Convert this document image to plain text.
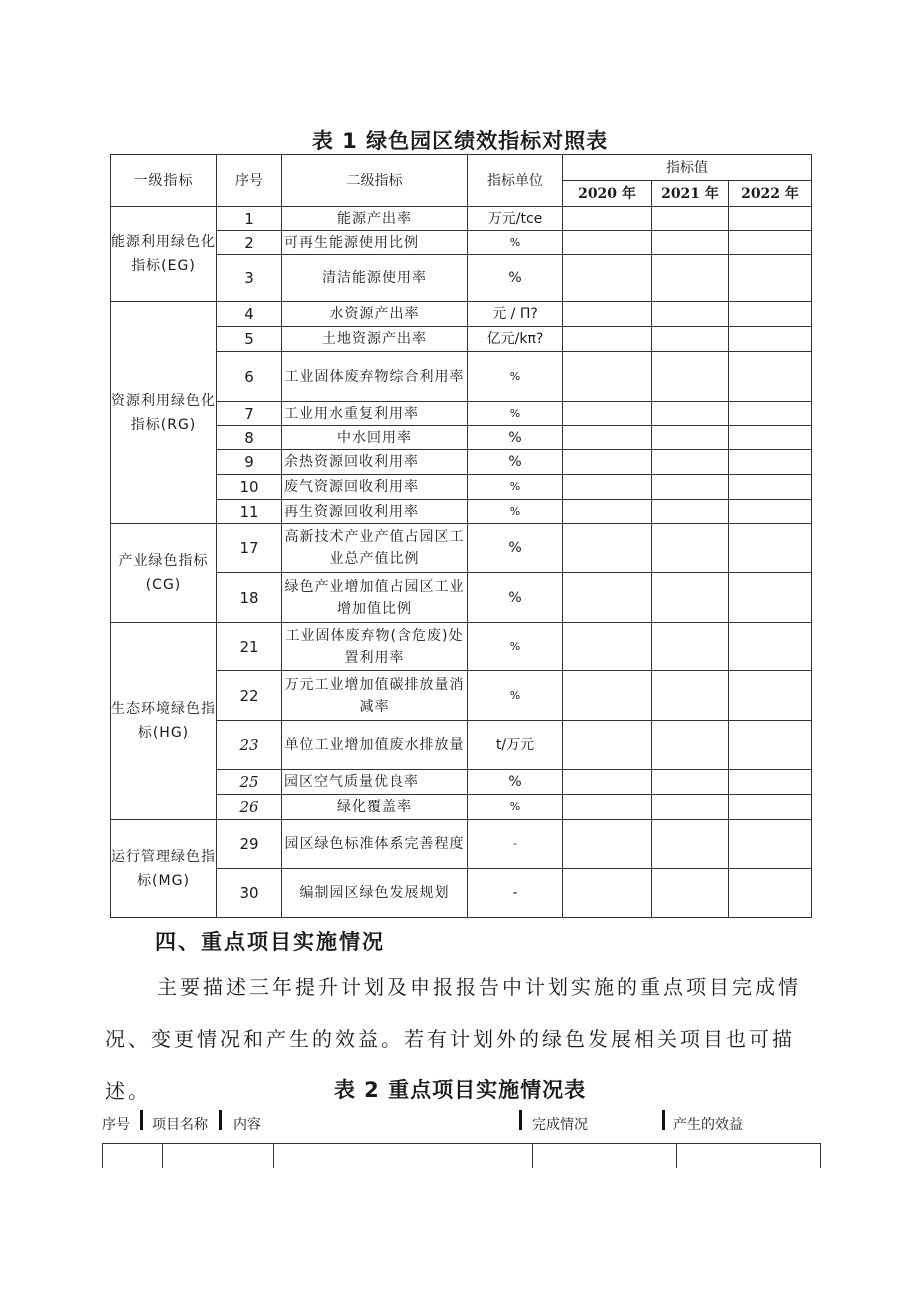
表 1 绿色园区绩效指标对照表
一级指标	序号	二级指标	指标单位	指标值		
				2020 年	2021 年	2022 年
能源利用绿色化指标(EG)	1	能源产出率	万元/tce			
	2	可再生能源使用比例	%			
	3	清洁能源使用率	%			
资源利用绿色化指标(RG)	4	水资源产出率	元 / Π?			
	5	土地资源产出率	亿元/kπ?			
	6	工业固体废弃物综合利用率	%			
	7	工业用水重复利用率	%			
	8	中水回用率	%			
	9	余热资源回收利用率	%			
	10	废气资源回收利用率	%			
	11	再生资源回收利用率	%			
产业绿色指标(CG)	17	高新技术产业产值占园区工业总产值比例	%			
	18	绿色产业增加值占园区工业增加值比例	%			
生态环境绿色指标(HG)	21	工业固体废弃物(含危废)处置利用率	%			
	22	万元工业增加值碳排放量消减率	%			
	23	单位工业增加值废水排放量	t/万元			
	25	园区空气质量优良率	%			
	26	绿化覆盖率	%			
运行管理绿色指标(MG)	29	园区绿色标准体系完善程度	-			
	30	编制园区绿色发展规划	-			
四、重点项目实施情况
主要描述三年提升计划及申报报告中计划实施的重点项目完成情况、变更情况和产生的效益。若有计划外的绿色发展相关项目也可描述。	表 2 重点项目实施情况表
序号 项目名称 内容	完成情况	产生的效益
